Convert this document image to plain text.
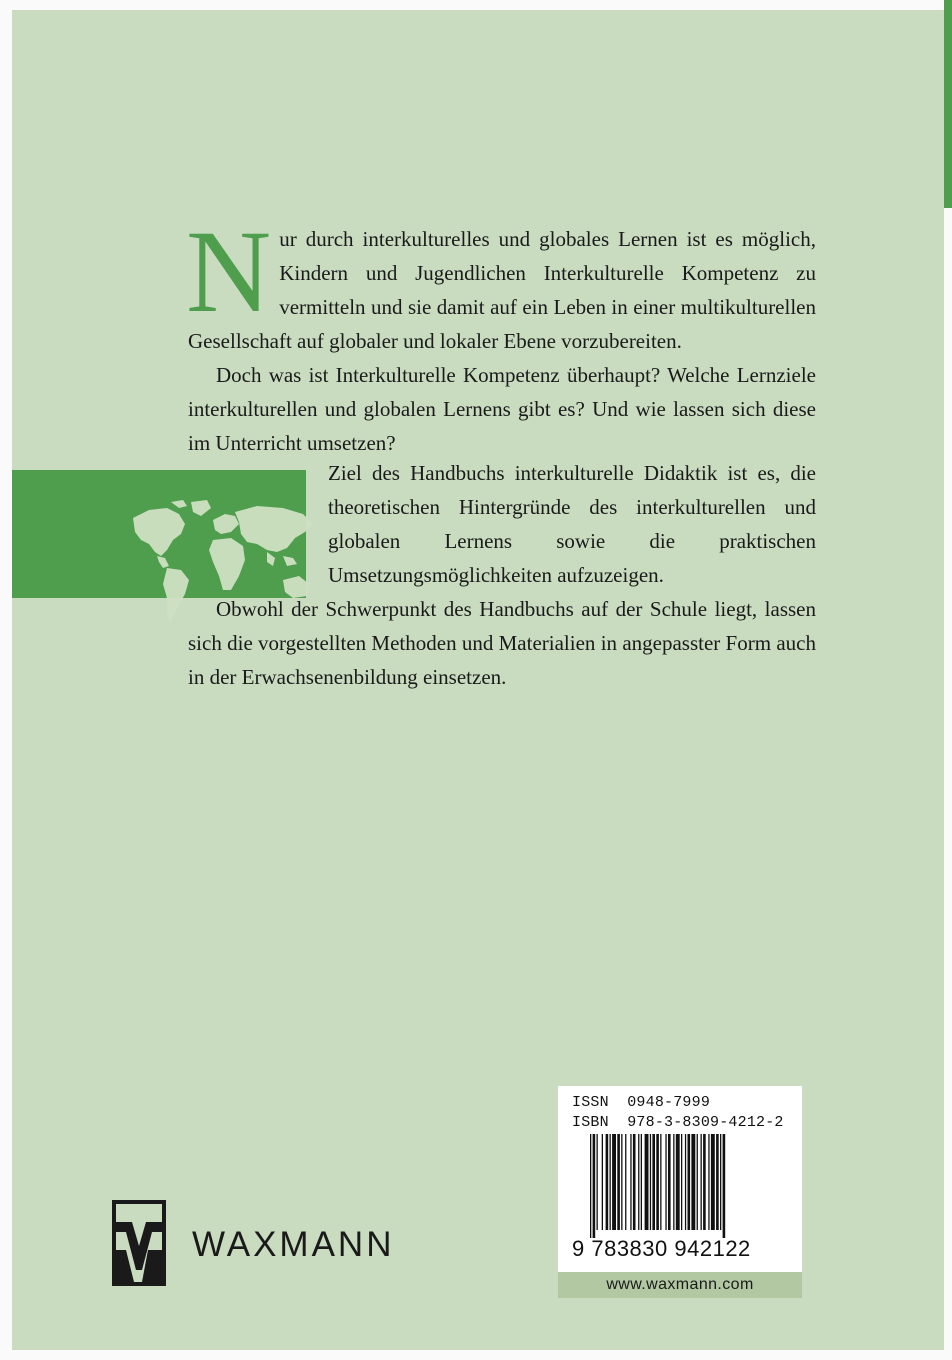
N ur durch interkulturelles und globales Lernen ist es möglich, Kindern und Jugendlichen Interkulturelle Kompetenz zu vermitteln und sie damit auf ein Leben in einer multikulturellen Gesellschaft auf globaler und lokaler Ebene vorzubereiten.

Doch was ist Interkulturelle Kompetenz überhaupt? Welche Lernziele interkulturellen und globalen Lernens gibt es? Und wie lassen sich diese im Unterricht umsetzen?

Ziel des Handbuchs interkulturelle Didaktik ist es, die theoretischen Hintergründe des interkulturellen und globalen Lernens sowie die praktischen Umsetzungsmöglichkeiten aufzuzeigen.

Obwohl der Schwerpunkt des Handbuchs auf der Schule liegt, lassen sich die vorgestellten Methoden und Materialien in angepasster Form auch in der Erwachsenenbildung einsetzen.

ISSN  0948-7999
ISBN  978-3-8309-4212-2
9 783830 942122
www.waxmann.com
WAXMANN
